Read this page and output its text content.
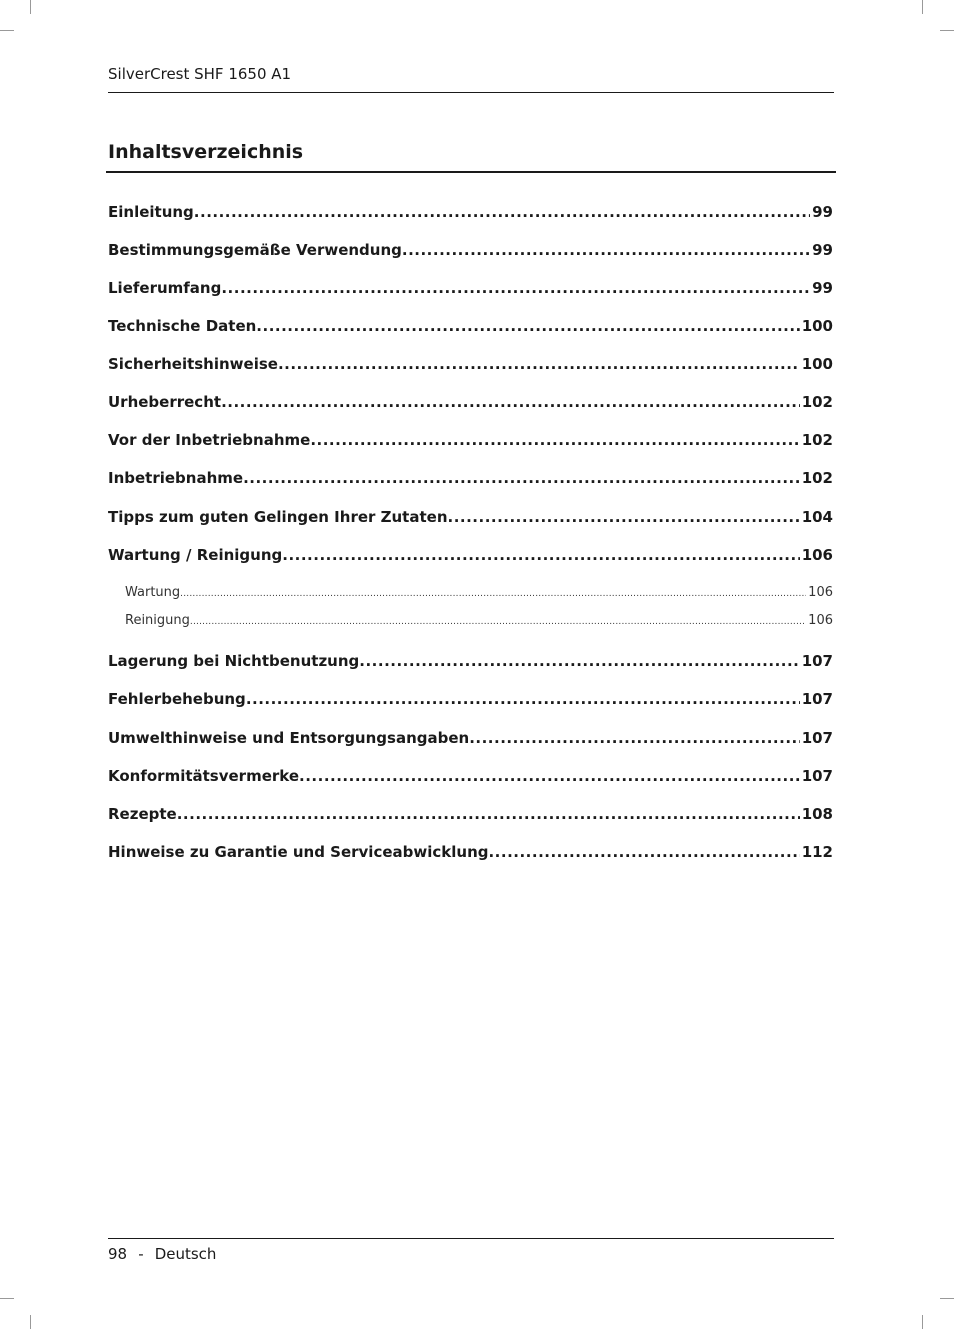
SilverCrest SHF 1650 A1
Inhaltsverzeichnis
Einleitung .....	99
Bestimmungsgemäße Verwendung .....	99
Lieferumfang .....	99
Technische Daten .....	100
Sicherheitshinweise .....	100
Urheberrecht .....	102
Vor der Inbetriebnahme .....	102
Inbetriebnahme .....	102
Tipps zum guten Gelingen Ihrer Zutaten .....	104
Wartung / Reinigung .....	106
Wartung .....	106
Reinigung .....	106
Lagerung bei Nichtbenutzung .....	107
Fehlerbehebung .....	107
Umwelthinweise und Entsorgungsangaben .....	107
Konformitätsvermerke .....	107
Rezepte .....	108
Hinweise zu Garantie und Serviceabwicklung .....	112
98 - Deutsch
